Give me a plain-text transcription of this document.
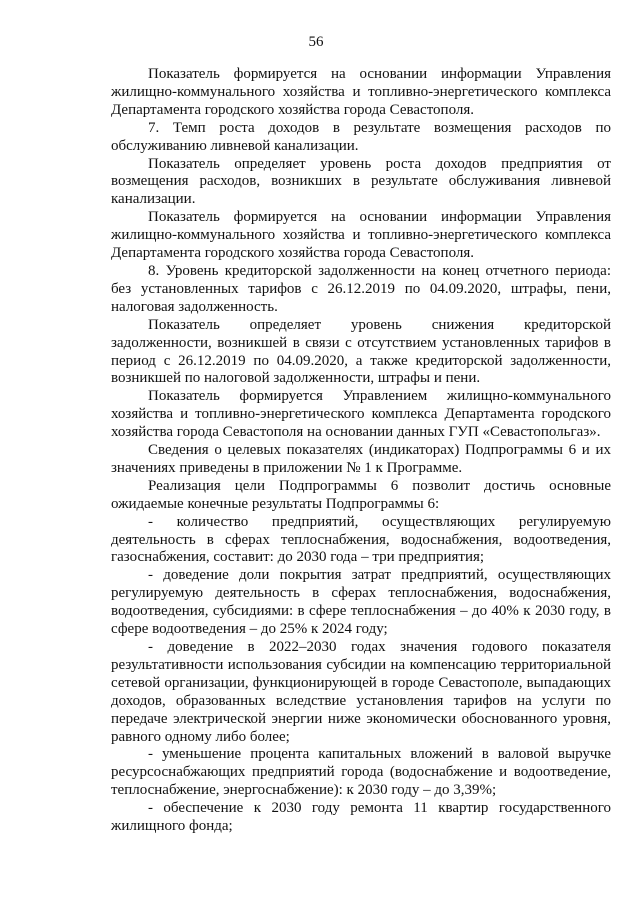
56

Показатель формируется на основании информации Управления жилищно-коммунального хозяйства и топливно-энергетического комплекса Департамента городского хозяйства города Севастополя.

7. Темп роста доходов в результате возмещения расходов по обслуживанию ливневой канализации.

Показатель определяет уровень роста доходов предприятия от возмещения расходов, возникших в результате обслуживания ливневой канализации.

Показатель формируется на основании информации Управления жилищно-коммунального хозяйства и топливно-энергетического комплекса Департамента городского хозяйства города Севастополя.

8. Уровень кредиторской задолженности на конец отчетного периода: без установленных тарифов с 26.12.2019 по 04.09.2020, штрафы, пени, налоговая задолженность.

Показатель определяет уровень снижения кредиторской задолженности, возникшей в связи с отсутствием установленных тарифов в период с 26.12.2019 по 04.09.2020, а также кредиторской задолженности, возникшей по налоговой задолженности, штрафы и пени.

Показатель формируется Управлением жилищно-коммунального хозяйства и топливно-энергетического комплекса Департамента городского хозяйства города Севастополя на основании данных ГУП «Севастопольгаз».

Сведения о целевых показателях (индикаторах) Подпрограммы 6 и их значениях приведены в приложении № 1 к Программе.

Реализация цели Подпрограммы 6 позволит достичь основные ожидаемые конечные результаты Подпрограммы 6:

- количество предприятий, осуществляющих регулируемую деятельность в сферах теплоснабжения, водоснабжения, водоотведения, газоснабжения, составит: до 2030 года – три предприятия;

- доведение доли покрытия затрат предприятий, осуществляющих регулируемую деятельность в сферах теплоснабжения, водоснабжения, водоотведения, субсидиями: в сфере теплоснабжения – до 40% к 2030 году, в сфере водоотведения – до 25% к 2024 году;

- доведение в 2022–2030 годах значения годового показателя результативности использования субсидии на компенсацию территориальной сетевой организации, функционирующей в городе Севастополе, выпадающих доходов, образованных вследствие установления тарифов на услуги по передаче электрической энергии ниже экономически обоснованного уровня, равного одному либо более;

- уменьшение процента капитальных вложений в валовой выручке ресурсоснабжающих предприятий города (водоснабжение и водоотведение, теплоснабжение, энергоснабжение): к 2030 году – до 3,39%;

- обеспечение к 2030 году ремонта 11 квартир государственного жилищного фонда;
